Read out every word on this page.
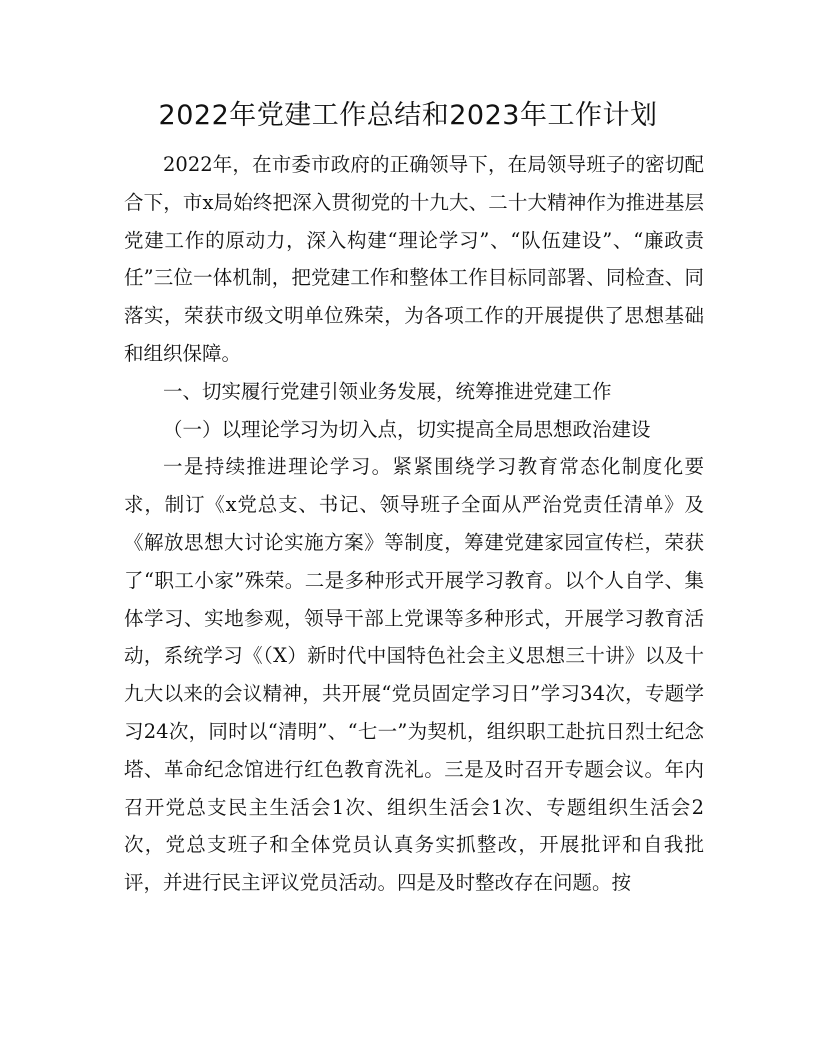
2022年党建工作总结和2023年工作计划

2022年，在市委市政府的正确领导下，在局领导班子的密切配合下，市x局始终把深入贯彻党的十九大、二十大精神作为推进基层党建工作的原动力，深入构建“理论学习”、“队伍建设”、“廉政责任”三位一体机制，把党建工作和整体工作目标同部署、同检查、同落实，荣获市级文明单位殊荣，为各项工作的开展提供了思想基础和组织保障。

一、切实履行党建引领业务发展，统筹推进党建工作

（一）以理论学习为切入点，切实提高全局思想政治建设

一是持续推进理论学习。紧紧围绕学习教育常态化制度化要求，制订《x党总支、书记、领导班子全面从严治党责任清单》及《解放思想大讨论实施方案》等制度，筹建党建家园宣传栏，荣获了“职工小家”殊荣。二是多种形式开展学习教育。以个人自学、集体学习、实地参观，领导干部上党课等多种形式，开展学习教育活动，系统学习《（X）新时代中国特色社会主义思想三十讲》以及十九大以来的会议精神，共开展“党员固定学习日”学习34次，专题学习24次，同时以“清明”、“七一”为契机，组织职工赴抗日烈士纪念塔、革命纪念馆进行红色教育洗礼。三是及时召开专题会议。年内召开党总支民主生活会1次、组织生活会1次、专题组织生活会2次，党总支班子和全体党员认真务实抓整改，开展批评和自我批评，并进行民主评议党员活动。四是及时整改存在问题。按
